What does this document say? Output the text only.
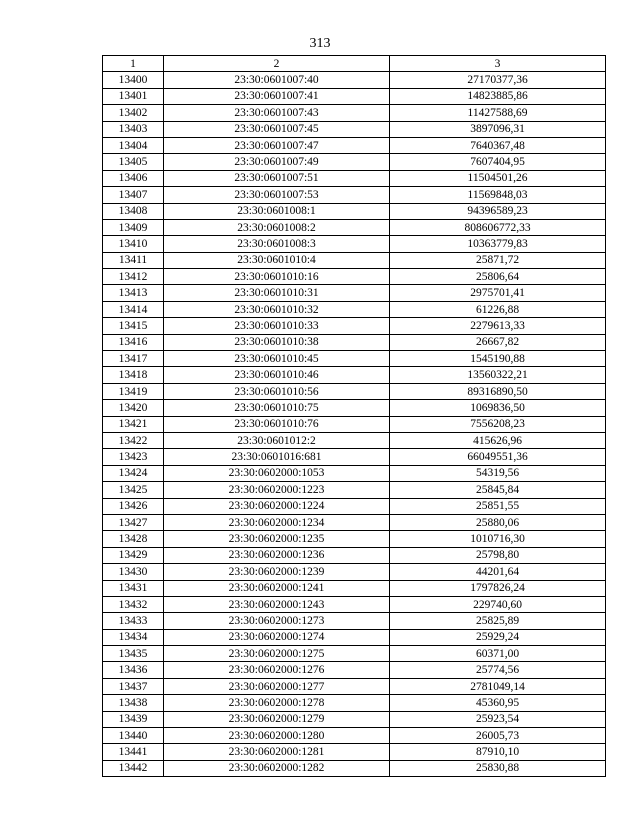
313
1	2	3
13400	23:30:0601007:40	27170377,36
13401	23:30:0601007:41	14823885,86
13402	23:30:0601007:43	11427588,69
13403	23:30:0601007:45	3897096,31
13404	23:30:0601007:47	7640367,48
13405	23:30:0601007:49	7607404,95
13406	23:30:0601007:51	11504501,26
13407	23:30:0601007:53	11569848,03
13408	23:30:0601008:1	94396589,23
13409	23:30:0601008:2	808606772,33
13410	23:30:0601008:3	10363779,83
13411	23:30:0601010:4	25871,72
13412	23:30:0601010:16	25806,64
13413	23:30:0601010:31	2975701,41
13414	23:30:0601010:32	61226,88
13415	23:30:0601010:33	2279613,33
13416	23:30:0601010:38	26667,82
13417	23:30:0601010:45	1545190,88
13418	23:30:0601010:46	13560322,21
13419	23:30:0601010:56	89316890,50
13420	23:30:0601010:75	1069836,50
13421	23:30:0601010:76	7556208,23
13422	23:30:0601012:2	415626,96
13423	23:30:0601016:681	66049551,36
13424	23:30:0602000:1053	54319,56
13425	23:30:0602000:1223	25845,84
13426	23:30:0602000:1224	25851,55
13427	23:30:0602000:1234	25880,06
13428	23:30:0602000:1235	1010716,30
13429	23:30:0602000:1236	25798,80
13430	23:30:0602000:1239	44201,64
13431	23:30:0602000:1241	1797826,24
13432	23:30:0602000:1243	229740,60
13433	23:30:0602000:1273	25825,89
13434	23:30:0602000:1274	25929,24
13435	23:30:0602000:1275	60371,00
13436	23:30:0602000:1276	25774,56
13437	23:30:0602000:1277	2781049,14
13438	23:30:0602000:1278	45360,95
13439	23:30:0602000:1279	25923,54
13440	23:30:0602000:1280	26005,73
13441	23:30:0602000:1281	87910,10
13442	23:30:0602000:1282	25830,88
